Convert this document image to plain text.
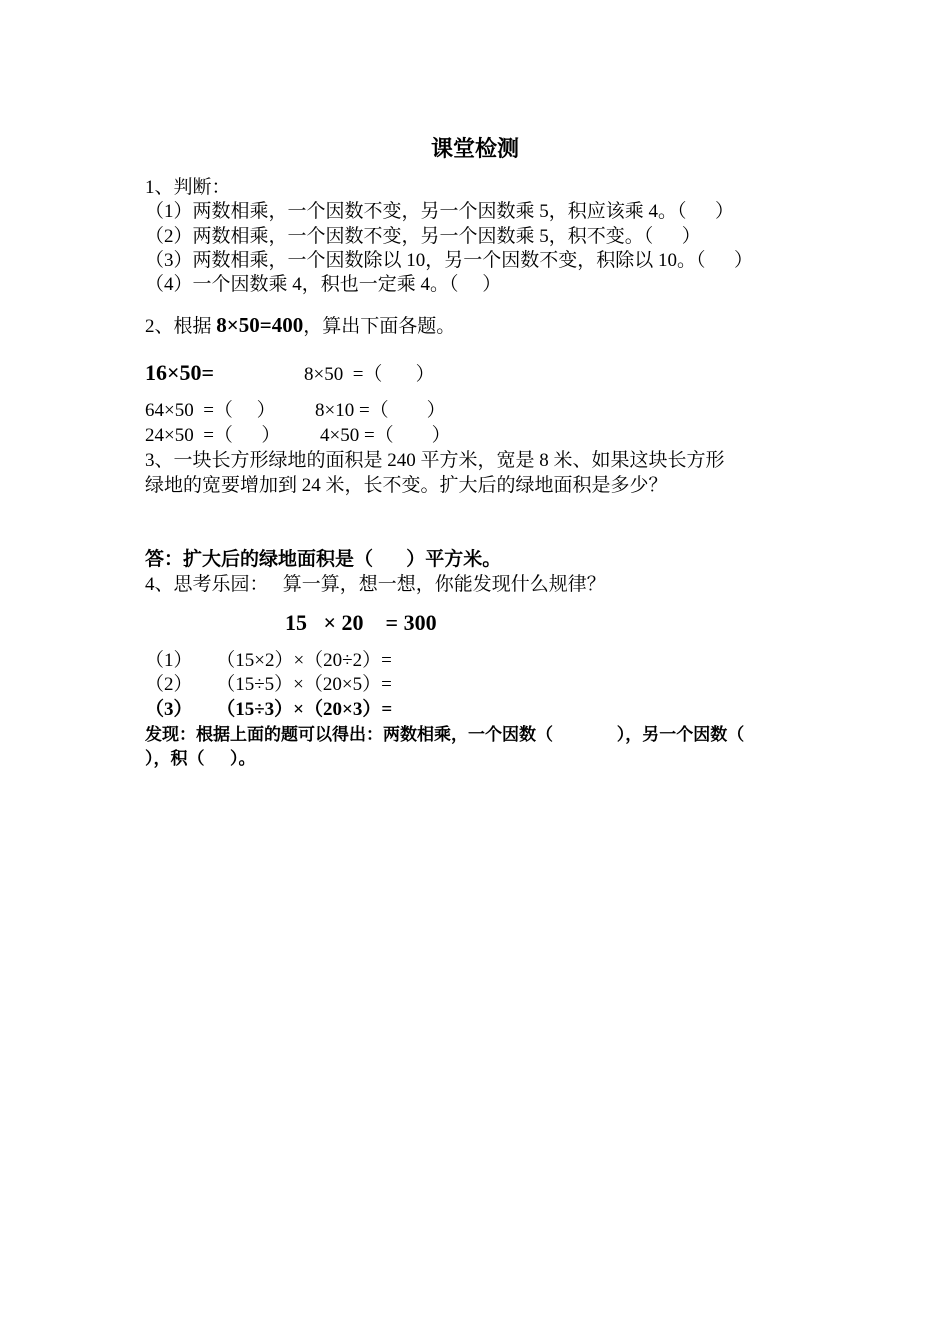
课堂检测
1、判断：
（1）两数相乘，一个因数不变，另一个因数乘 5，积应该乘 4。（      ）
（2）两数相乘，一个因数不变，另一个因数乘 5，积不变。（      ）
（3）两数相乘，一个因数除以 10，另一个因数不变，积除以 10。（      ）
（4）一个因数乘 4，积也一定乘 4。（     ）
2、根据 8×50=400，算出下面各题。
16×50=	8×50  =（       ）
64×50  =（     ） 8×10 =（        ）
24×50  =（      ） 4×50 =（        ）
3、一块长方形绿地的面积是 240 平方米，宽是 8 米、如果这块长方形
绿地的宽要增加到 24 米，长不变。扩大后的绿地面积是多少？
答：扩大后的绿地面积是（       ）平方米。
4、思考乐园：   算一算，想一想，你能发现什么规律？
15   × 20    = 300
（1）     （15×2）×（20÷2）=
（2）     （15÷5）×（20×5）=
（3）     （15÷3）×（20×3）=
发现：根据上面的题可以得出：两数相乘，一个因数（               ），另一个因数（
），积（      ）。
